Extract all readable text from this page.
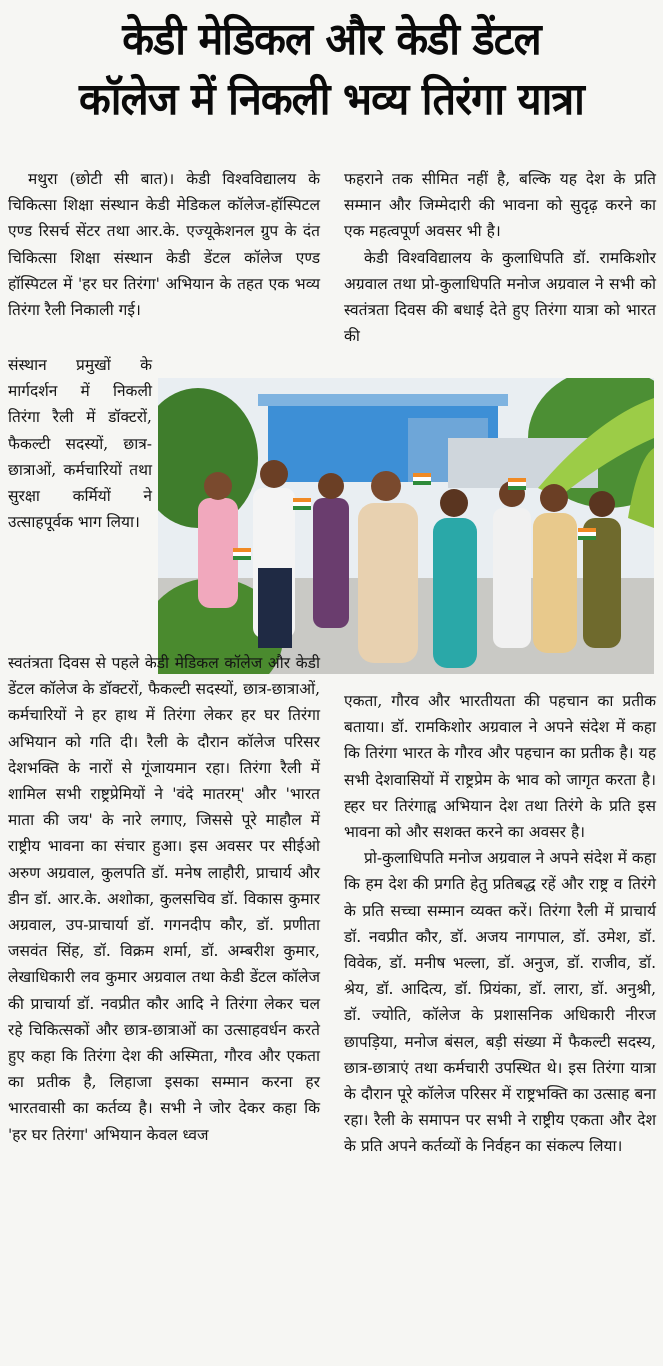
केडी मेडिकल और केडी डेंटल
कॉलेज में निकली भव्य तिरंगा यात्रा

मथुरा (छोटी सी बात)। केडी विश्वविद्यालय के चिकित्सा शिक्षा संस्थान केडी मेडिकल कॉलेज-हॉस्पिटल एण्ड रिसर्च सेंटर तथा आर.के. एज्यूकेशनल ग्रुप के दंत चिकित्सा शिक्षा संस्थान केडी डेंटल कॉलेज एण्ड हॉस्पिटल में 'हर घर तिरंगा' अभियान के तहत एक भव्य तिरंगा रैली निकाली गई।

संस्थान प्रमुखों के मार्गदर्शन में निकली तिरंगा रैली में डॉक्टरों, फैकल्टी सदस्यों, छात्र-छात्राओं, कर्मचारियों तथा सुरक्षा कर्मियों ने उत्साहपूर्वक भाग लिया।

फहराने तक सीमित नहीं है, बल्कि यह देश के प्रति सम्मान और जिम्मेदारी की भावना को सुदृढ़ करने का एक महत्वपूर्ण अवसर भी है।

केडी विश्वविद्यालय के कुलाधिपति डॉ. रामकिशोर अग्रवाल तथा प्रो-कुलाधिपति मनोज अग्रवाल ने सभी को स्वतंत्रता दिवस की बधाई देते हुए तिरंगा यात्रा को भारत की

स्वतंत्रता दिवस से पहले केडी मेडिकल कॉलेज और केडी डेंटल कॉलेज के डॉक्टरों, फैकल्टी सदस्यों, छात्र-छात्राओं, कर्मचारियों ने हर हाथ में तिरंगा लेकर हर घर तिरंगा अभियान को गति दी। रैली के दौरान कॉलेज परिसर देशभक्ति के नारों से गूंजायमान रहा। तिरंगा रैली में शामिल सभी राष्ट्रप्रेमियों ने 'वंदे मातरम्' और 'भारत माता की जय' के नारे लगाए, जिससे पूरे माहौल में राष्ट्रीय भावना का संचार हुआ। इस अवसर पर सीईओ अरुण अग्रवाल, कुलपति डॉ. मनेष लाहौरी, प्राचार्य और डीन डॉ. आर.के. अशोका, कुलसचिव डॉ. विकास कुमार अग्रवाल, उप-प्राचार्या डॉ. गगनदीप कौर, डॉ. प्रणीता जसवंत सिंह, डॉ. विक्रम शर्मा, डॉ. अम्बरीश कुमार, लेखाधिकारी लव कुमार अग्रवाल तथा केडी डेंटल कॉलेज की प्राचार्या डॉ. नवप्रीत कौर आदि ने तिरंगा लेकर चल रहे चिकित्सकों और छात्र-छात्राओं का उत्साहवर्धन करते हुए कहा कि तिरंगा देश की अस्मिता, गौरव और एकता का प्रतीक है, लिहाजा इसका सम्मान करना हर भारतवासी का कर्तव्य है। सभी ने जोर देकर कहा कि 'हर घर तिरंगा' अभियान केवल ध्वज

एकता, गौरव और भारतीयता की पहचान का प्रतीक बताया। डॉ. रामकिशोर अग्रवाल ने अपने संदेश में कहा कि तिरंगा भारत के गौरव और पहचान का प्रतीक है। यह सभी देशवासियों में राष्ट्रप्रेम के भाव को जागृत करता है। ह्हर घर तिरंगाह्व अभियान देश तथा तिरंगे के प्रति इस भावना को और सशक्त करने का अवसर है।

प्रो-कुलाधिपति मनोज अग्रवाल ने अपने संदेश में कहा कि हम देश की प्रगति हेतु प्रतिबद्ध रहें और राष्ट्र व तिरंगे के प्रति सच्चा सम्मान व्यक्त करें। तिरंगा रैली में प्राचार्य डॉ. नवप्रीत कौर, डॉ. अजय नागपाल, डॉ. उमेश, डॉ. विवेक, डॉ. मनीष भल्ला, डॉ. अनुज, डॉ. राजीव, डॉ. श्रेय, डॉ. आदित्य, डॉ. प्रियंका, डॉ. लारा, डॉ. अनुश्री, डॉ. ज्योति, कॉलेज के प्रशासनिक अधिकारी नीरज छापड़िया, मनोज बंसल, बड़ी संख्या में फैकल्टी सदस्य, छात्र-छात्राएं तथा कर्मचारी उपस्थित थे। इस तिरंगा यात्रा के दौरान पूरे कॉलेज परिसर में राष्ट्रभक्ति का उत्साह बना रहा। रैली के समापन पर सभी ने राष्ट्रीय एकता और देश के प्रति अपने कर्तव्यों के निर्वहन का संकल्प लिया।
